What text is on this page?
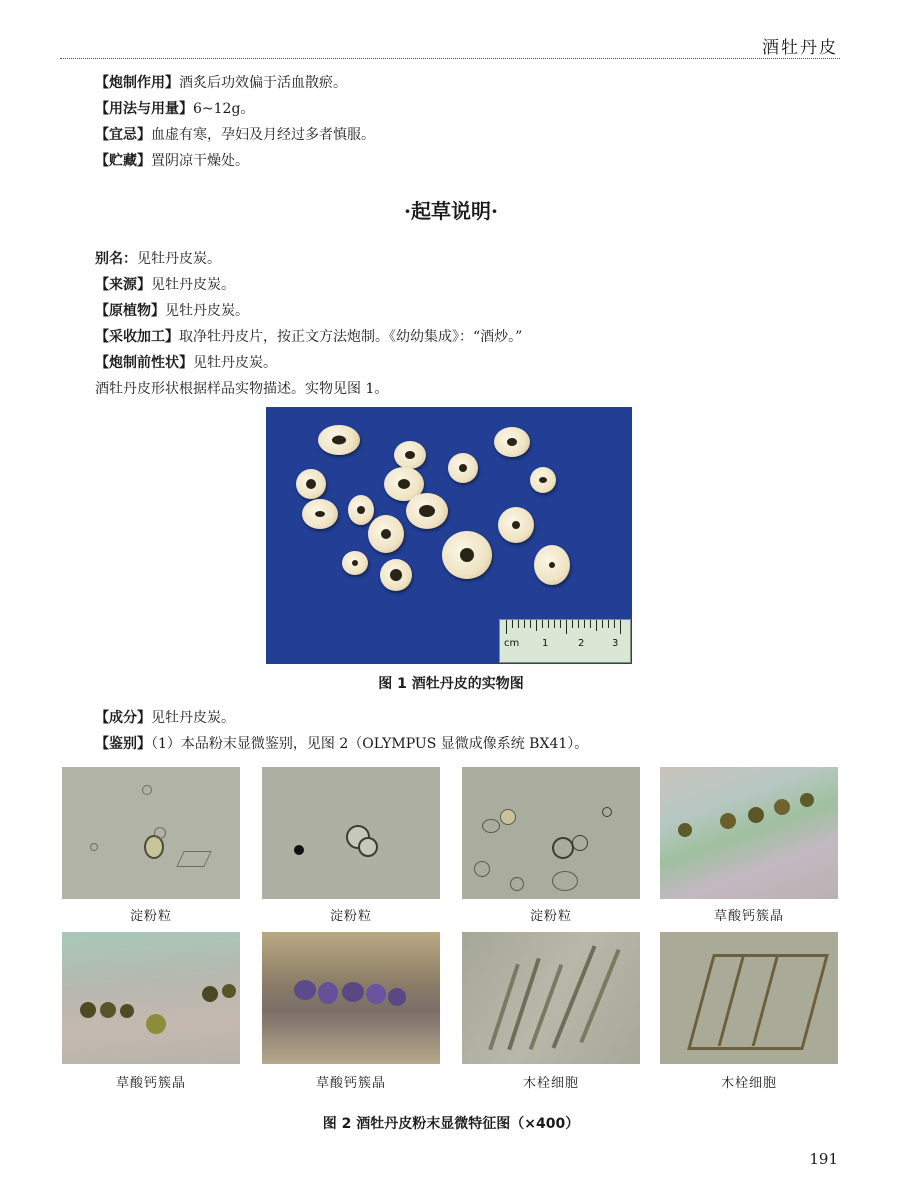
酒牡丹皮
【炮制作用】酒炙后功效偏于活血散瘀。
【用法与用量】6~12g。
【宜忌】血虚有寒，孕妇及月经过多者慎服。
【贮藏】置阴凉干燥处。
·起草说明·
别名：见牡丹皮炭。
【来源】见牡丹皮炭。
【原植物】见牡丹皮炭。
【采收加工】取净牡丹皮片，按正文方法炮制。《幼幼集成》：“酒炒。”
【炮制前性状】见牡丹皮炭。
酒牡丹皮形状根据样品实物描述。实物见图 1。
cm 1	2	3
图 1 酒牡丹皮的实物图
【成分】见牡丹皮炭。
【鉴别】（1）本品粉末显微鉴别，见图 2（OLYMPUS 显微成像系统 BX41）。
淀粉粒	淀粉粒	淀粉粒	草酸钙簇晶
草酸钙簇晶	草酸钙簇晶	木栓细胞	木栓细胞
图 2 酒牡丹皮粉末显微特征图（×400）
191
